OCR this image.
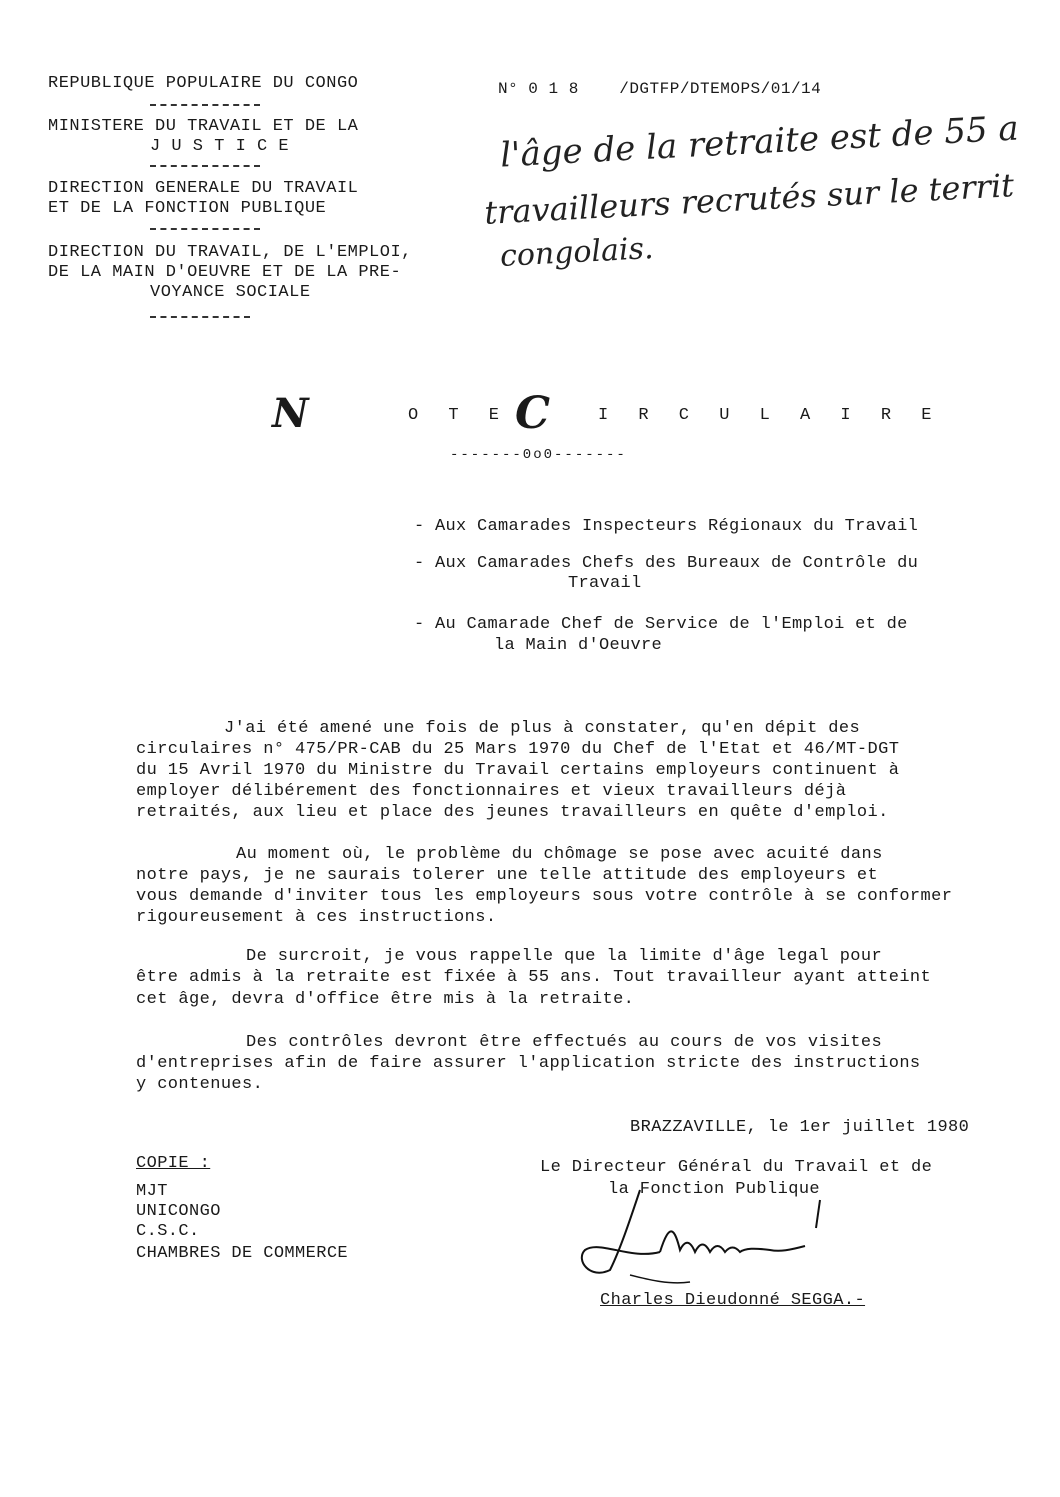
REPUBLIQUE POPULAIRE DU CONGO
MINISTERE DU TRAVAIL ET DE LA
J U S T I C E
DIRECTION GENERALE DU TRAVAIL
ET DE LA FONCTION PUBLIQUE
DIRECTION DU TRAVAIL, DE L'EMPLOI,
DE LA MAIN D'OEUVRE ET DE LA PRE-
VOYANCE SOCIALE
N° 0 1 8    /DGTFP/DTEMOPS/01/14
l'âge de la retraite est de 55 a
travailleurs recrutés sur le territ
congolais.
N	O T E C	I R C U L A I R E
-------0o0-------
- Aux Camarades Inspecteurs Régionaux du Travail
- Aux Camarades Chefs des Bureaux de Contrôle du
Travail
- Au Camarade Chef de Service de l'Emploi et de
la Main d'Oeuvre
J'ai été amené une fois de plus à constater, qu'en dépit des
circulaires n° 475/PR-CAB du 25 Mars 1970 du Chef de l'Etat et 46/MT-DGT
du 15 Avril 1970 du Ministre du Travail certains employeurs continuent à
employer délibérement des fonctionnaires et vieux travailleurs déjà
retraités, aux lieu et place des jeunes travailleurs en quête d'emploi.
Au moment où, le problème du chômage se pose avec acuité dans
notre pays, je ne saurais tolerer une telle attitude des employeurs et
vous demande d'inviter tous les employeurs sous votre contrôle à se conformer
rigoureusement à ces instructions.
De surcroit, je vous rappelle que la limite d'âge legal pour
être admis à la retraite est fixée à 55 ans. Tout travailleur ayant atteint
cet âge, devra d'office être mis à la retraite.
Des contrôles devront être effectués au cours de vos visites
d'entreprises afin de faire assurer l'application stricte des instructions
y contenues.
BRAZZAVILLE, le 1er juillet 1980
COPIE :
MJT
UNICONGO
C.S.C.
CHAMBRES DE COMMERCE
Le Directeur Général du Travail et de
la Fonction Publique
Charles Dieudonné SEGGA.-
